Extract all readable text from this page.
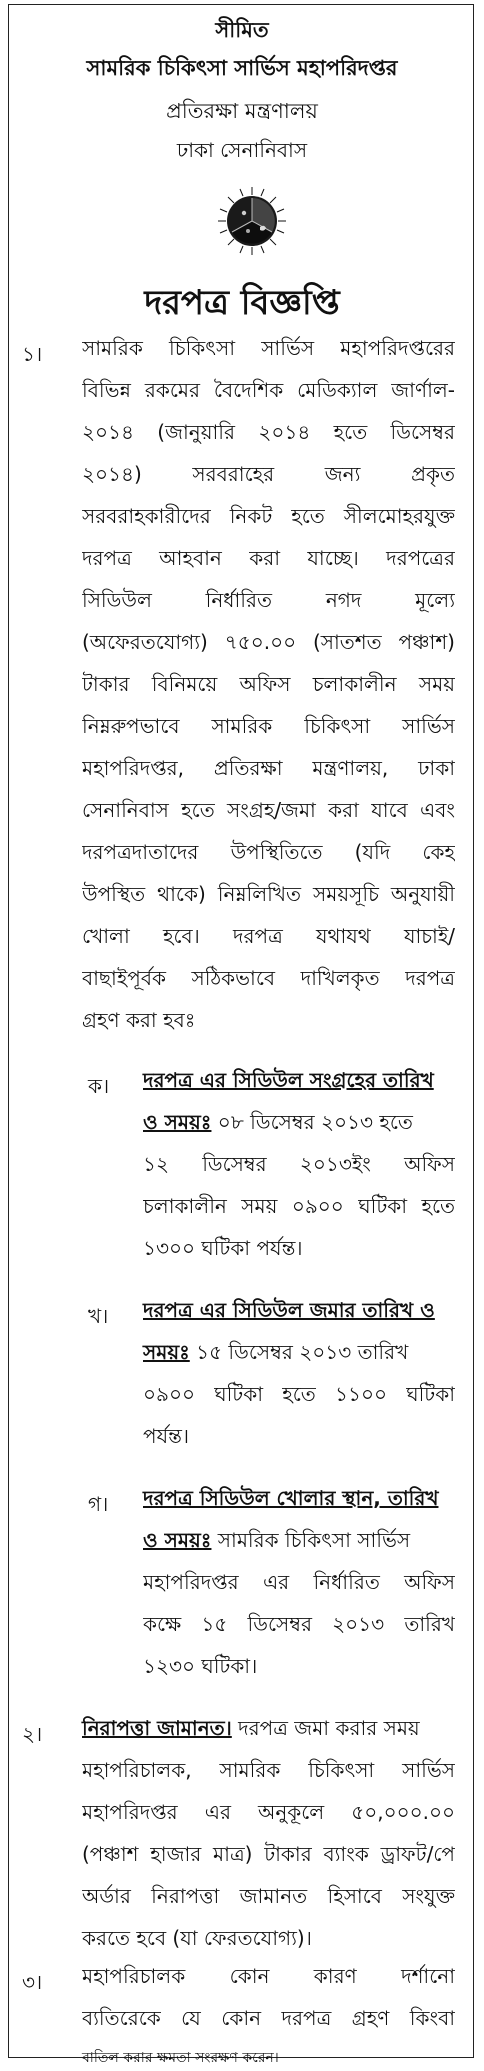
সীমিত
সামরিক চিকিৎসা সার্ভিস মহাপরিদপ্তর
প্রতিরক্ষা মন্ত্রণালয়
ঢাকা সেনানিবাস
দরপত্র বিজ্ঞপ্তি
১। সামরিক চিকিৎসা সার্ভিস মহাপরিদপ্তরের
বিভিন্ন রকমের বৈদেশিক মেডিক্যাল জার্ণাল-
২০১৪ (জানুয়ারি ২০১৪ হতে ডিসেম্বর
২০১৪) সরবরাহের জন্য প্রকৃত
সরবরাহকারীদের নিকট হতে সীলমোহরযুক্ত
দরপত্র আহবান করা যাচ্ছে। দরপত্রের
সিডিউল নির্ধারিত নগদ মূল্যে
(অফেরতযোগ্য) ৭৫০.০০ (সাতশত পঞ্চাশ)
টাকার বিনিময়ে অফিস চলাকালীন সময়
নিম্নরুপভাবে সামরিক চিকিৎসা সার্ভিস
মহাপরিদপ্তর, প্রতিরক্ষা মন্ত্রণালয়, ঢাকা
সেনানিবাস হতে সংগ্রহ/জমা করা যাবে এবং
দরপত্রদাতাদের উপস্থিতিতে (যদি কেহ
উপস্থিত থাকে) নিম্নলিখিত সময়সূচি অনুযায়ী
খোলা হবে। দরপত্র যথাযথ যাচাই/
বাছাইপূর্বক সঠিকভাবে দাখিলকৃত দরপত্র
গ্রহণ করা হবঃ
ক। দরপত্র এর সিডিউল সংগ্রহের তারিখ
ও সময়ঃ ০৮ ডিসেম্বর ২০১৩ হতে
১২ ডিসেম্বর ২০১৩ইং অফিস
চলাকালীন সময় ০৯০০ ঘটিকা হতে
১৩০০ ঘটিকা পর্যন্ত।
খ। দরপত্র এর সিডিউল জমার তারিখ ও
সময়ঃ ১৫ ডিসেম্বর ২০১৩ তারিখ
০৯০০ ঘটিকা হতে ১১০০ ঘটিকা
পর্যন্ত।
গ। দরপত্র সিডিউল খোলার স্থান, তারিখ
ও সময়ঃ সামরিক চিকিৎসা সার্ভিস
মহাপরিদপ্তর এর নির্ধারিত অফিস
কক্ষে ১৫ ডিসেম্বর ২০১৩ তারিখ
১২৩০ ঘটিকা।
২। নিরাপত্তা জামানত। দরপত্র জমা করার সময়
মহাপরিচালক, সামরিক চিকিৎসা সার্ভিস
মহাপরিদপ্তর এর অনুকূলে ৫০,০০০.০০
(পঞ্চাশ হাজার মাত্র) টাকার ব্যাংক ড্রাফট/পে
অর্ডার নিরাপত্তা জামানত হিসাবে সংযুক্ত
করতে হবে (যা ফেরতযোগ্য)।
৩। মহাপরিচালক কোন কারণ দর্শানো
ব্যতিরেকে যে কোন দরপত্র গ্রহণ কিংবা
বাতিল করার ক্ষমতা সংরক্ষণ করেন।
